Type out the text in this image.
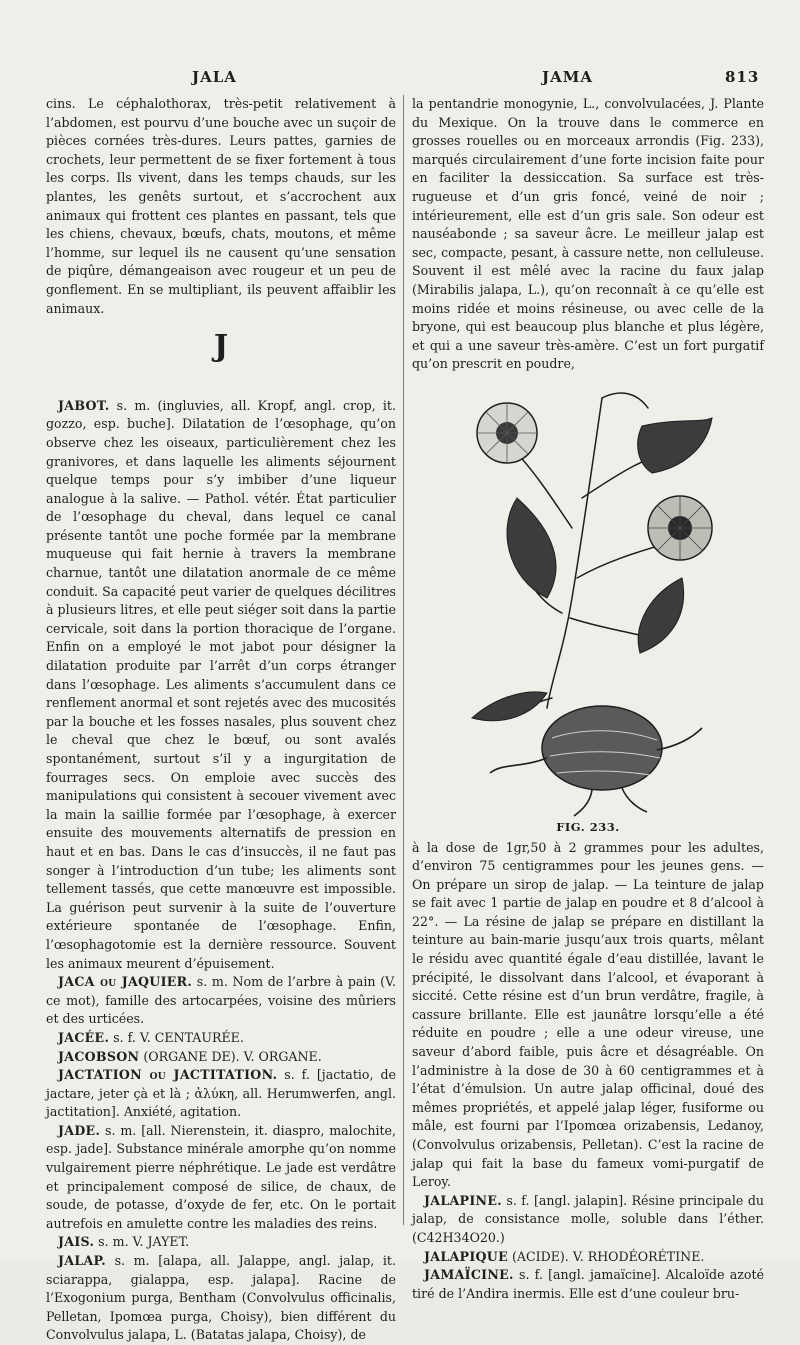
JALA	JAMA	813

cins. Le céphalothorax, très-petit relativement à l’abdomen, est pourvu d’une bouche avec un suçoir de pièces cornées très-dures. Leurs pattes, garnies de crochets, leur permettent de se fixer fortement à tous les corps. Ils vivent, dans les temps chauds, sur les plantes, les genêts surtout, et s’accrochent aux animaux qui frottent ces plantes en passant, tels que les chiens, chevaux, bœufs, chats, moutons, et même l’homme, sur lequel ils ne causent qu’une sensation de piqûre, démangeaison avec rougeur et un peu de gonflement. En se multipliant, ils peuvent affaiblir les animaux.

J

JABOT. s. m. (ingluvies, all. Kropf, angl. crop, it. gozzo, esp. buche]. Dilatation de l’œsophage, qu’on observe chez les oiseaux, particulièrement chez les granivores, et dans laquelle les aliments séjournent quelque temps pour s’y imbiber d’une liqueur analogue à la salive. — Pathol. vétér. État particulier de l’œsophage du cheval, dans lequel ce canal présente tantôt une poche formée par la membrane muqueuse qui fait hernie à travers la membrane charnue, tantôt une dilatation anormale de ce même conduit. Sa capacité peut varier de quelques décilitres à plusieurs litres, et elle peut siéger soit dans la partie cervicale, soit dans la portion thoracique de l’organe. Enfin on a employé le mot jabot pour désigner la dilatation produite par l’arrêt d’un corps étranger dans l’œsophage. Les aliments s’accumulent dans ce renflement anormal et sont rejetés avec des mucosités par la bouche et les fosses nasales, plus souvent chez le cheval que chez le bœuf, ou sont avalés spontanément, surtout s’il y a ingurgitation de fourrages secs. On emploie avec succès des manipulations qui consistent à secouer vivement avec la main la saillie formée par l’œsophage, à exercer ensuite des mouvements alternatifs de pression en haut et en bas. Dans le cas d’insuccès, il ne faut pas songer à l’introduction d’un tube; les aliments sont tellement tassés, que cette manœuvre est impossible. La guérison peut survenir à la suite de l’ouverture extérieure spontanée de l’œsophage. Enfin, l’œsophagotomie est la dernière ressource. Souvent les animaux meurent d’épuisement.

JACA ou JAQUIER. s. m. Nom de l’arbre à pain (V. ce mot), famille des artocarpées, voisine des mûriers et des urticées.

JACÉE. s. f. V. CENTAURÉE.

JACOBSON (ORGANE DE). V. ORGANE.

JACTATION ou JACTITATION. s. f. [jactatio, de jactare, jeter çà et là ; ἀλύκη, all. Herumwerfen, angl. jactitation]. Anxiété, agitation.

JADE. s. m. [all. Nierenstein, it. diaspro, malochite, esp. jade]. Substance minérale amorphe qu’on nomme vulgairement pierre néphrétique. Le jade est verdâtre et principalement composé de silice, de chaux, de soude, de potasse, d’oxyde de fer, etc. On le portait autrefois en amulette contre les maladies des reins.

JAIS. s. m. V. JAYET.

JALAP. s. m. [alapa, all. Jalappe, angl. jalap, it. sciarappa, gialappa, esp. jalapa]. Racine de l’Exogonium purga, Bentham (Convolvulus officinalis, Pelletan, Ipomœa purga, Choisy), bien différent du Convolvulus jalapa, L. (Batatas jalapa, Choisy), de

la pentandrie monogynie, L., convolvulacées, J. Plante du Mexique. On la trouve dans le commerce en grosses rouelles ou en morceaux arrondis (Fig. 233), marqués circulairement d’une forte incision faite pour en faciliter la dessiccation. Sa surface est très-rugueuse et d’un gris foncé, veiné de noir ; intérieurement, elle est d’un gris sale. Son odeur est nauséabonde ; sa saveur âcre. Le meilleur jalap est sec, compacte, pesant, à cassure nette, non celluleuse. Souvent il est mêlé avec la racine du faux jalap (Mirabilis jalapa, L.), qu’on reconnaît à ce qu’elle est moins ridée et moins résineuse, ou avec celle de la bryone, qui est beaucoup plus blanche et plus légère, et qui a une saveur très-amère. C’est un fort purgatif qu’on prescrit en poudre,

FIG. 233.

à la dose de 1gr,50 à 2 grammes pour les adultes, d’environ 75 centigrammes pour les jeunes gens. — On prépare un sirop de jalap. — La teinture de jalap se fait avec 1 partie de jalap en poudre et 8 d’alcool à 22°. — La résine de jalap se prépare en distillant la teinture au bain-marie jusqu’aux trois quarts, mêlant le résidu avec quantité égale d’eau distillée, lavant le précipité, le dissolvant dans l’alcool, et évaporant à siccité. Cette résine est d’un brun verdâtre, fragile, à cassure brillante. Elle est jaunâtre lorsqu’elle a été réduite en poudre ; elle a une odeur vireuse, une saveur d’abord faible, puis âcre et désagréable. On l’administre à la dose de 30 à 60 centigrammes et à l’état d’émulsion. Un autre jalap officinal, doué des mêmes propriétés, et appelé jalap léger, fusiforme ou mâle, est fourni par l’Ipomœa orizabensis, Ledanoy, (Convolvulus orizabensis, Pelletan). C’est la racine de jalap qui fait la base du fameux vomi-purgatif de Leroy.

JALAPINE. s. f. [angl. jalapin]. Résine principale du jalap, de consistance molle, soluble dans l’éther. (C42H34O20.)

JALAPIQUE (ACIDE). V. RHODÉORÉTINE.

JAMAÏCINE. s. f. [angl. jamaïcine]. Alcaloïde azoté tiré de l’Andira inermis. Elle est d’une couleur bru-
